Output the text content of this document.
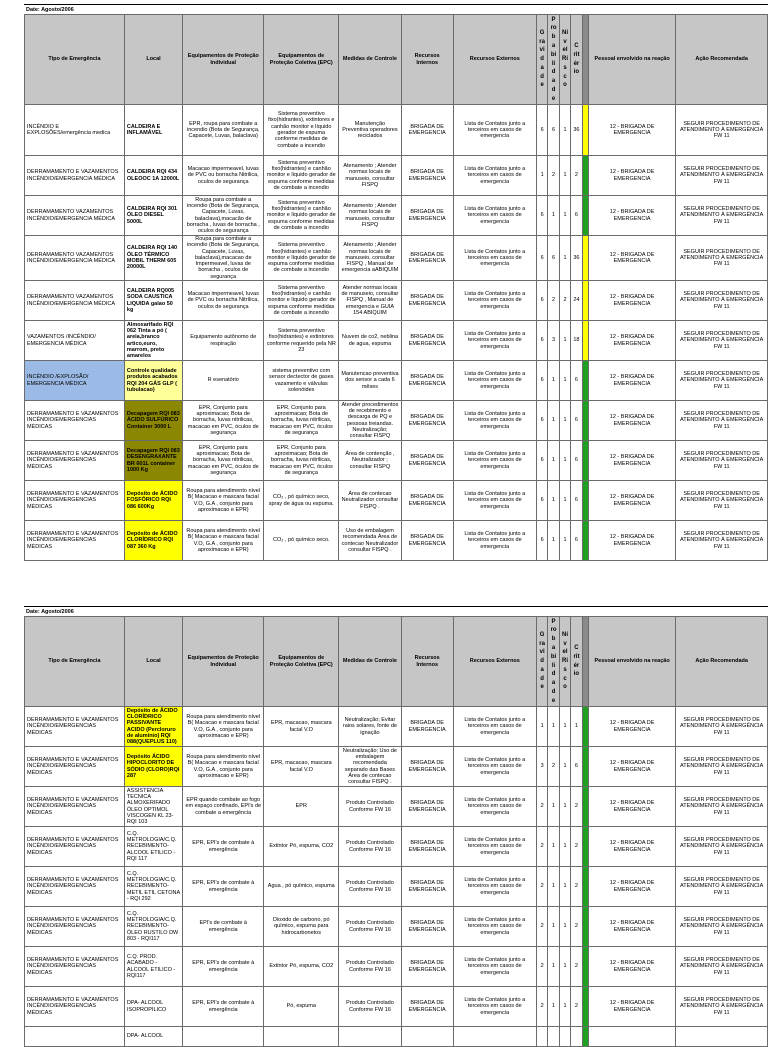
Date: Agosto/2006
Tipo de Emergência	Local	Equipamentos de Proteção Individual	Equipamentos de Proteção Coletiva (EPC)	Medidas de Controle	Recursos Internos	Recursos Externos	Gravidade	Probabilidade	Nível Risco	Critério		Pessoal envolvido na reação	Ação Recomendada
INCÊNDIO E EXPLOSÕES/emergência medica	CALDEIRA E INFLAMÁVEL	EPR, roupa para combate a incendio (Bota de Segurança, Capacete, Luvas, balaclava)	Sistema preventivo fixo(hidrantes), extintores e canhão monitor e líquido gerador de espuma conforme medidas de combate a incendio	Manutenção Preventiva operadores reciclados	BRIGADA DE EMERGENCIA	Lista de Contatos junto a terceiros em casos de emergencia	6	6	1	36		12 - BRIGADA DE EMERGENCIA	SEGUIR PROCEDIMENTO DE ATENDIMENTO À EMERGÊNCIA FW 11
DERRAMAMENTO E VAZAMENTOS INCÊNDIO/EMERGENCIA MÉDICA	CALDEIRA RQI 434 OLEOOC 1A 12000L	Macacao impermeavel, luvas de PVC ou borracha Nitrilica, oculos de segurança	Sistema preventivo fixo(hidrantes) e canhão monitor e líquido gerador de espuma conforme medidas de combate a incendio	Atenamento ; Atender normas locais de manuseio, consultar FISPQ	BRIGADA DE EMERGENCIA	Lista de Contatos junto a terceiros em casos de emergencia	1	2	1	2		12 - BRIGADA DE EMERGENCIA	SEGUIR PROCEDIMENTO DE ATENDIMENTO À EMERGÊNCIA FW 11
DERRAMAMENTO VAZAMENTOS INCÊNDIO/EMERGENCIA MÉDICA	CALDEIRA RQI 301 ÓLEO DIESEL 5000L	Roupa para combate a incendio (Bota de Segurança, Capacete, Luvas, balaclava),macacão de borracha , luvas de borracha , oculos de segurança	Sistema preventivo fixo(hidrantes) e canhão monitor e líquido gerador de espuma conforme medidas de combate a incendio	Atenamento ; Atender normas locais de manuseio, consultar FISPQ	BRIGADA DE EMERGENCIA	Lista de Contatos junto a terceiros em casos de emergencia	6	1	1	6		12 - BRIGADA DE EMERGENCIA	SEGUIR PROCEDIMENTO DE ATENDIMENTO À EMERGÊNCIA FW 11
DERRAMAMENTO VAZAMENTOS INCÊNDIO/EMERGENCIA MÉDICA	CALDEIRA RQI 140 ÓLEO TÉRMICO MOBIL THERM 605 20000L	Roupa para combate a incendio (Bota de Segurança, Capacete, Luvas, balaclava),macacao de Impermeavel, luvas de borracha , oculos de segurança	Sistema preventivo fixo(hidrantes) e canhão monitor e líquido gerador de espuma conforme medidas de combate a incendio	Atenamento ; Atender normas locais de manuseio, consultar FISPQ , Manual de emergencia aABIQUIM	BRIGADA DE EMERGENCIA	Lista de Contatos junto a terceiros em casos de emergencia	6	6	1	36		12 - BRIGADA DE EMERGENCIA	SEGUIR PROCEDIMENTO DE ATENDIMENTO À EMERGÊNCIA FW 11
DERRAMAMENTO VAZAMENTOS INCÊNDIO/EMERGENCIA MÉDICA	CALDEIRA RQ005 SODA CAUSTICA LIQUIDA galao 50 kg	Macacao impermeavel, luvas de PVC ou borracha Nitrílica, oculos de segurança	Sistema preventivo fixo(hidrantes) e canhão monitor e líquido gerador de espuma conforme medidas de combate a incendio	Atender normas locais de manuseio, consultar FISPQ , Manual de emergencia e GUIA 154 ABIQUIM	BRIGADA DE EMERGENCIA	Lista de Contatos junto a terceiros em casos de emergencia	6	2	2	24		12 - BRIGADA DE EMERGENCIA	SEGUIR PROCEDIMENTO DE ATENDIMENTO À EMERGÊNCIA FW 11
VAZAMENTOS /INCÊNDIO/ EMERGENCIA MÉDICA	Almoxarifado RQI 062 Tinta a pó ( areia,branco artico,euro, marrom, preto amarelos	Equipamento autônomo de respiração	Sistema preventivo fixo(hidrantes) e extintores conforme requerido pela NR 23	Nuvem de co2, neblina de agua, espuma	BRIGADA DE EMERGENCIA	Lista de Contatos junto a terceiros em casos de emergencia	6	3	1	18		12 - BRIGADA DE EMERGENCIA	SEGUIR PROCEDIMENTO DE ATENDIMENTO À EMERGÊNCIA FW 11
INCÊNDIO /EXPLOSÃO/ EMERGENCIA MÉDICA	Controle qualidade produtos acabados RQI 204 GÁS GLP ( tubulacao)	R esenatório	sistema preventivo com sensor dectector de gases vazamento e válvulas solenóides	Manutencao preventiva dos sensor a cada 6 mêses	BRIGADA DE EMERGENCIA	Lista de Contatos junto a terceiros em casos de emergencia	6	1	1	6		12 - BRIGADA DE EMERGENCIA	SEGUIR PROCEDIMENTO DE ATENDIMENTO À EMERGÊNCIA FW 11
DERRAMAMENTO E VAZAMENTOS INCÊNDIO/EMERGENCIAS MÉDICAS	Decapagem RQI 083 ÁCIDO SULFÚRICO Container 3000 L	EPR, Conjunto para aproximacao; Bota de borracha, luvas nitrilicas, macacao em PVC, óculos de segurança	EPR, Conjunto para aproximacao; Bota de borracha, luvas nitrilicas, macacao em PVC, óculos de segurança	Atender procedimentos de recebimento e descarga de PQ e pessoas treiandas. Neutralização; consultar FISPQ	BRIGADA DE EMERGENCIA	Lista de Contatos junto a terceiros em casos de emergencia	6	1	1	6		12 - BRIGADA DE EMERGENCIA	SEGUIR PROCEDIMENTO DE ATENDIMENTO À EMERGÊNCIA FW 11
DERRAMAMENTO E VAZAMENTOS INCÊNDIO/EMERGENCIAS MÉDICAS	Decapagem RQI 083 DESENGRAXANTE BR 601L container 1000 Kg	EPR, Conjunto para aproximacao; Bota de borracha, luvas nitrilicas, macacao em PVC, óculos de segurança	EPR, Conjunto para aproximacao; Bota de borracha, luvas nitrilicas, macacao em PVC, óculos de segurança	Área de contenção , Neutralizador ; consultar FISPQ	BRIGADA DE EMERGENCIA	Lista de Contatos junto a terceiros em casos de emergencia	6	1	1	6		12 - BRIGADA DE EMERGENCIA	SEGUIR PROCEDIMENTO DE ATENDIMENTO À EMERGÊNCIA FW 11
DERRAMAMENTO E VAZAMENTOS INCÊNDIO/EMERGENCIAS MÉDICAS	Depósito de ÁCIDO FOSFÓRICO RQI 086 600Kg	Roupa para atendimento nível B( Macacao e mascara facial V.O, G.A , conjunto para aproximacao e EPR)	CO₂ , pó químico seco, spray de água ou espuma.	Área de contecao Neutralizador consultar FISPQ .	BRIGADA DE EMERGENCIA	Lista de Contatos junto a terceiros em casos de emergencia	6	1	1	6		12 - BRIGADA DE EMERGENCIA	SEGUIR PROCEDIMENTO DE ATENDIMENTO À EMERGÊNCIA FW 11
DERRAMAMENTO E VAZAMENTOS INCÊNDIO/EMERGENCIAS MÉDICAS	Depósito de ÁCIDO CLORÍDRICO RQI 087 360 Kg	Roupa para atendimento nível B( Macacao e mascara facial V.O, G.A , conjunto para aproximacao e EPR)	CO₂ , pó químico seco.	Uso de embalagem recomendada Área de contecao Neutralizador consultar FISPQ .	BRIGADA DE EMERGENCIA	Lista de Contatos junto a terceiros em casos de emergencia	6	1	1	6		12 - BRIGADA DE EMERGENCIA	SEGUIR PROCEDIMENTO DE ATENDIMENTO À EMERGÊNCIA FW 11
Date: Agosto/2006
Tipo de Emergência	Local	Equipamentos de Proteção Individual	Equipamentos de Proteção Coletiva (EPC)	Medidas de Controle	Recursos Internos	Recursos Externos	Gravidade	Probabilidade	Nível Risco	Critério		Pessoal envolvido na reação	Ação Recomendada
DERRAMAMENTO E VAZAMENTOS INCÊNDIO/EMERGENCIAS MÉDICAS	Depósito de ÁCIDO CLORÍDRICO PASSIVANTE ACIDO (Percloruro de aluminio) RQI 088(QUEPLUS 110)	Roupa para atendimento nível B( Macacao e mascara facial V.O, G.A , conjunto para aproximacao e EPR)	EPR, macacao, mascara facial V.O	Neutralização; Evitar raios solares, fonte de ignação	BRIGADA DE EMERGENCIA	Lista de Contatos junto a terceiros em casos de emergencia	1	1	1	1		12 - BRIGADA DE EMERGENCIA	SEGUIR PROCEDIMENTO DE ATENDIMENTO À EMERGÊNCIA FW 11
DERRAMAMENTO E VAZAMENTOS INCÊNDIO/EMERGENCIAS MÉDICAS	Depósito ÁCIDO HIPOCLORITO DE SÓDIO (CLORO)RQI 287	Roupa para atendimento nível B( Macacao e mascara facial V.O, G.A , conjunto para aproximacao e EPR)	EPR, macacao, mascara facial V.O	Neutralização; Uso de embalagem recomendada separado das Bases Área de contecao consultar FISPQ .	BRIGADA DE EMERGENCIA	Lista de Contatos junto a terceiros em casos de emergencia	3	2	1	6		12 - BRIGADA DE EMERGENCIA	SEGUIR PROCEDIMENTO DE ATENDIMENTO À EMERGÊNCIA FW 11
DERRAMAMENTO E VAZAMENTOS INCÊNDIO/EMERGENCIAS MÉDICAS	ASSISTENCIA TECNICA ALMOXERIFADO ÓLEO OPTIMOL VISCOGEN KL 23- RQI 103	EPR quando combate ao fogo em espaço confinado, EPI's de combate a emergência	EPR	Produto Controlado Conforme FW 16	BRIGADA DE EMERGENCIA	Lista de Contatos junto a terceiros em casos de emergencia	2	1	1	2		12 - BRIGADA DE EMERGENCIA	SEGUIR PROCEDIMENTO DE ATENDIMENTO À EMERGÊNCIA FW 11
DERRAMAMENTO E VAZAMENTOS INCÊNDIO/EMERGENCIAS MÉDICAS	C.Q. METROLOGIA/C.Q. RECEBIMENTO- ALCOOL ETILICO - RQI 117	EPR, EPI's de combate à emergência	Extintor Pó, espuma, CO2	Produto Controlado Conforme FW 16	BRIGADA DE EMERGENCIA	Lista de Contatos junto a terceiros em casos de emergencia	2	1	1	2		12 - BRIGADA DE EMERGENCIA	SEGUIR PROCEDIMENTO DE ATENDIMENTO À EMERGÊNCIA FW 11
DERRAMAMENTO E VAZAMENTOS INCÊNDIO/EMERGENCIAS MÉDICAS	C.Q. METROLOGIA/C.Q. RECEBIMENTO- METIL ETIL CETONA - RQI 292	EPR, EPI's de combate à emergência	Agua , pó químico, espuma	Produto Controlado Conforme FW 16	BRIGADA DE EMERGENCIA	Lista de Contatos junto a terceiros em casos de emergencia	2	1	1	2		12 - BRIGADA DE EMERGENCIA	SEGUIR PROCEDIMENTO DE ATENDIMENTO À EMERGÊNCIA FW 11
DERRAMAMENTO E VAZAMENTOS INCÊNDIO/EMERGENCIAS MÉDICAS	C.Q. METROLOGIA/C.Q. RECEBIMENTO- ÓLEO RUSTILO DW 803 - RQI117	EPI's de combate à emergência	Dioxido de carbono, pó químico, espuma para hidrocarbonetos	Produto Controlado Conforme FW 16	BRIGADA DE EMERGENCIA	Lista de Contatos junto a terceiros em casos de emergencia	2	1	1	2		12 - BRIGADA DE EMERGENCIA	SEGUIR PROCEDIMENTO DE ATENDIMENTO À EMERGÊNCIA FW 11
DERRAMAMENTO E VAZAMENTOS INCÊNDIO/EMERGENCIAS MÉDICAS	C.Q. PROD. ACABADO - ALCOOL ETILICO - RQI117	EPR, EPI's de combate à emergência	Extintor Pó, espuma, CO2	Produto Controlado Conforme FW 16	BRIGADA DE EMERGENCIA	Lista de Contatos junto a terceiros em casos de emergencia	2	1	1	2		12 - BRIGADA DE EMERGENCIA	SEGUIR PROCEDIMENTO DE ATENDIMENTO À EMERGÊNCIA FW 11
DERRAMAMENTO E VAZAMENTOS INCÊNDIO/EMERGENCIAS MÉDICAS	DPA- ALCOOL ISOPROPILICO	EPR, EPI's de combate à emergência	Pó, espuma	Produto Controlado Conforme FW 16	BRIGADA DE EMERGENCIA	Lista de Contatos junto a terceiros em casos de emergencia	2	1	1	2		12 - BRIGADA DE EMERGENCIA	SEGUIR PROCEDIMENTO DE ATENDIMENTO À EMERGÊNCIA FW 11
	DPA- ALCOOL												
